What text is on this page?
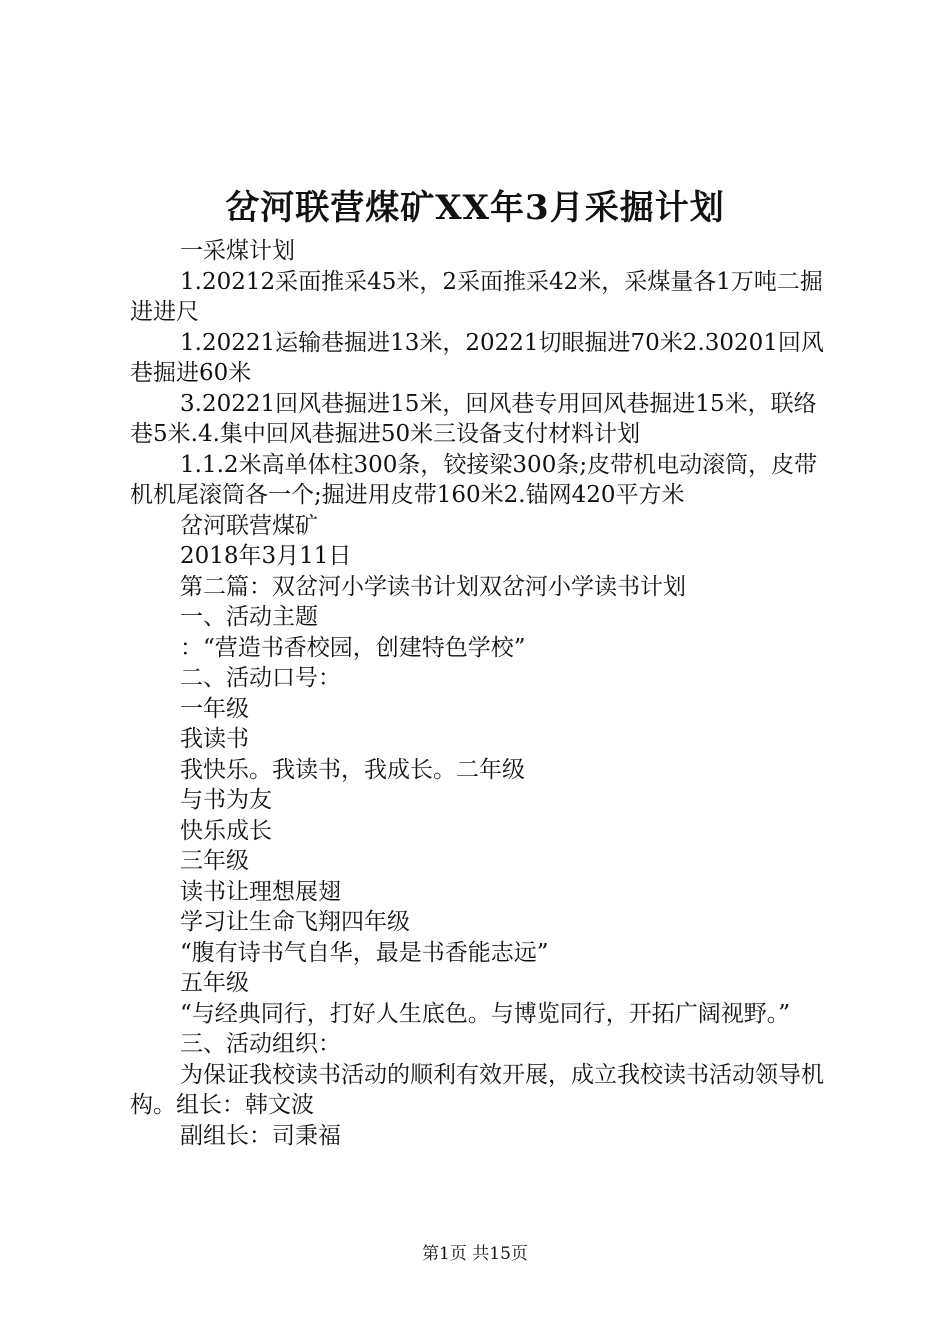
岔河联营煤矿XX年3月采掘计划

一采煤计划

1.20212采面推采45米，2采面推采42米，采煤量各1万吨二掘进进尺

1.20221运输巷掘进13米，20221切眼掘进70米2.30201回风巷掘进60米

3.20221回风巷掘进15米，回风巷专用回风巷掘进15米，联络巷5米.4.集中回风巷掘进50米三设备支付材料计划

1.1.2米高单体柱300条，铰接梁300条;皮带机电动滚筒，皮带机机尾滚筒各一个;掘进用皮带160米2.锚网420平方米

岔河联营煤矿

2018年3月11日

第二篇：双岔河小学读书计划双岔河小学读书计划

一、活动主题

：“营造书香校园，创建特色学校”

二、活动口号：

一年级

我读书

我快乐。我读书，我成长。二年级

与书为友

快乐成长

三年级

读书让理想展翅

学习让生命飞翔四年级

“腹有诗书气自华，最是书香能志远”

五年级

“与经典同行，打好人生底色。与博览同行，开拓广阔视野。”

三、活动组织：

为保证我校读书活动的顺利有效开展，成立我校读书活动领导机构。组长：韩文波

副组长：司秉福

第1页 共15页
